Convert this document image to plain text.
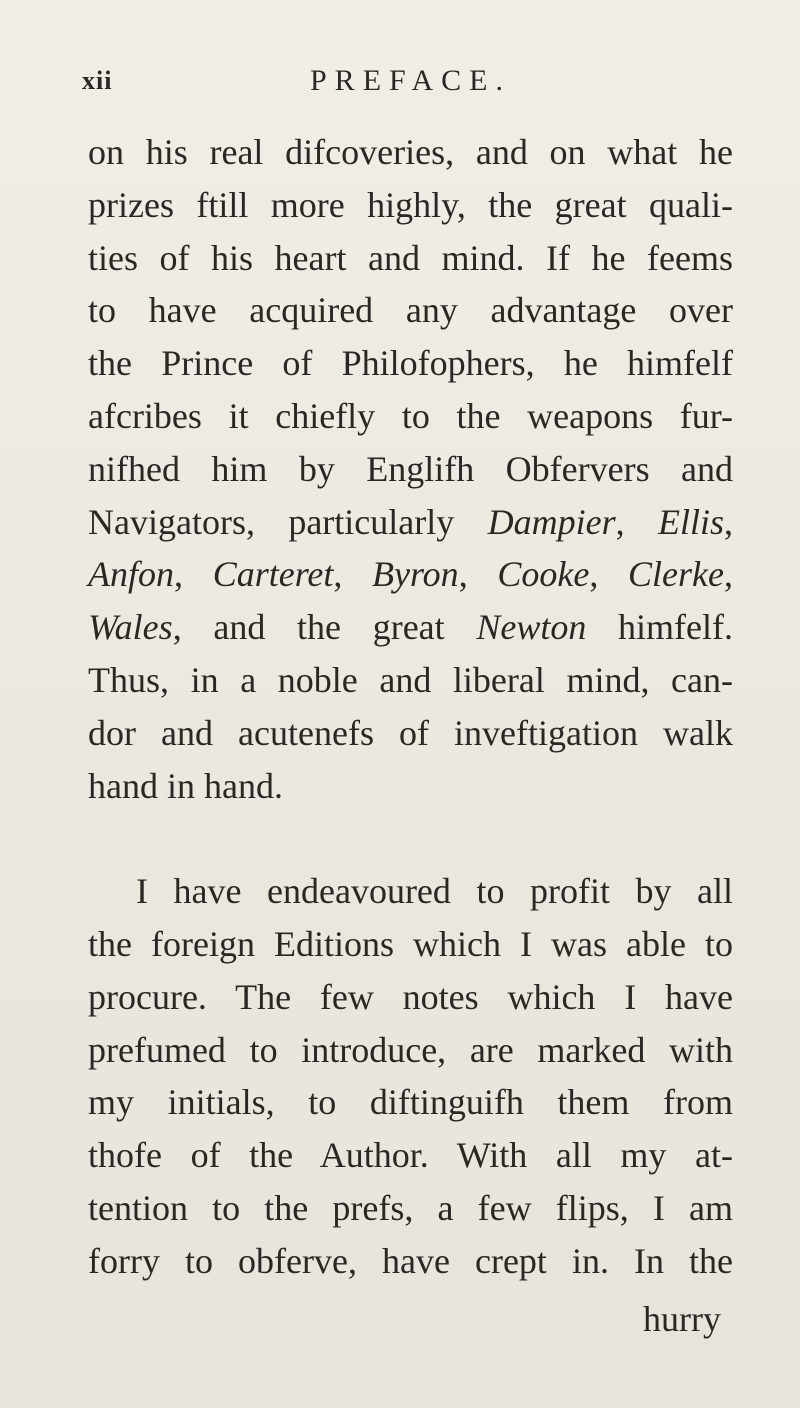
xii	PREFACE.
on his real difcoveries, and on what he
prizes ftill more highly, the great quali-
ties of his heart and mind. If he feems
to have acquired any advantage over
the Prince of Philofophers, he himfelf
afcribes it chiefly to the weapons fur-
nifhed him by Englifh Obfervers and
Navigators, particularly Dampier, Ellis,
Anfon, Carteret, Byron, Cooke, Clerke,
Wales, and the great Newton himfelf.
Thus, in a noble and liberal mind, can-
dor and acutenefs of inveftigation walk
hand in hand.
I have endeavoured to profit by all
the foreign Editions which I was able to
procure. The few notes which I have
prefumed to introduce, are marked with
my initials, to diftinguifh them from
thofe of the Author. With all my at-
tention to the prefs, a few flips, I am
forry to obferve, have crept in. In the
hurry
